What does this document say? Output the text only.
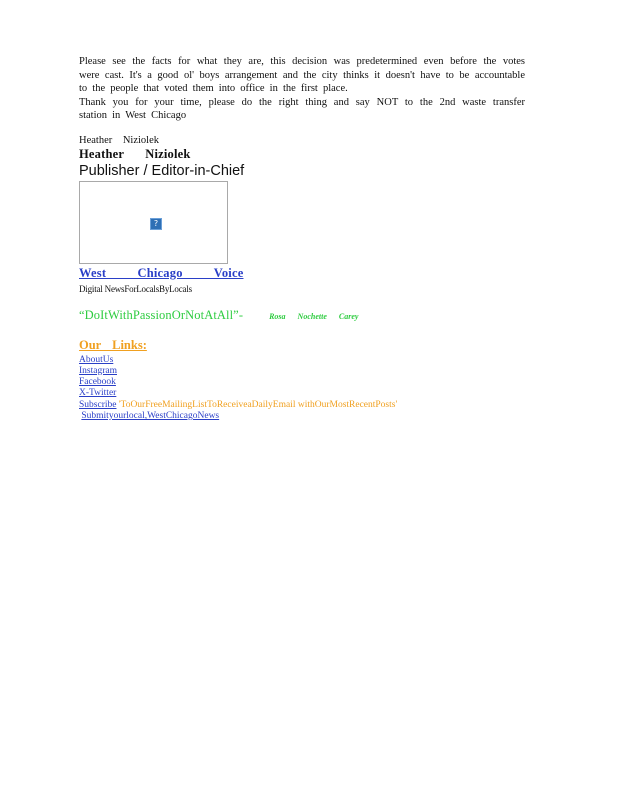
Please see the facts for what they are, this decision was predetermined even before the votes
were cast. It's a good ol' boys arrangement and the city thinks it doesn't have to be accountable
to the people that voted them into office in the first place.
Thank you for your time, please do the right thing and say NOT to the 2nd waste transfer
station in West Chicago

Heather Niziolek
Heather Niziolek
Publisher / Editor-in-Chief
?
West Chicago Voice
Digital NewsForLocalsByLocals
“DoItWithPassionOrNotAtAll”-	Rosa Nochette Carey
Our Links:
AboutUs
Instagram
Facebook
X-Twitter
Subscribe 'ToOurFreeMailingListToReceiveaDailyEmail withOurMostRecentPosts'
Submityourlocal,WestChicagoNews
